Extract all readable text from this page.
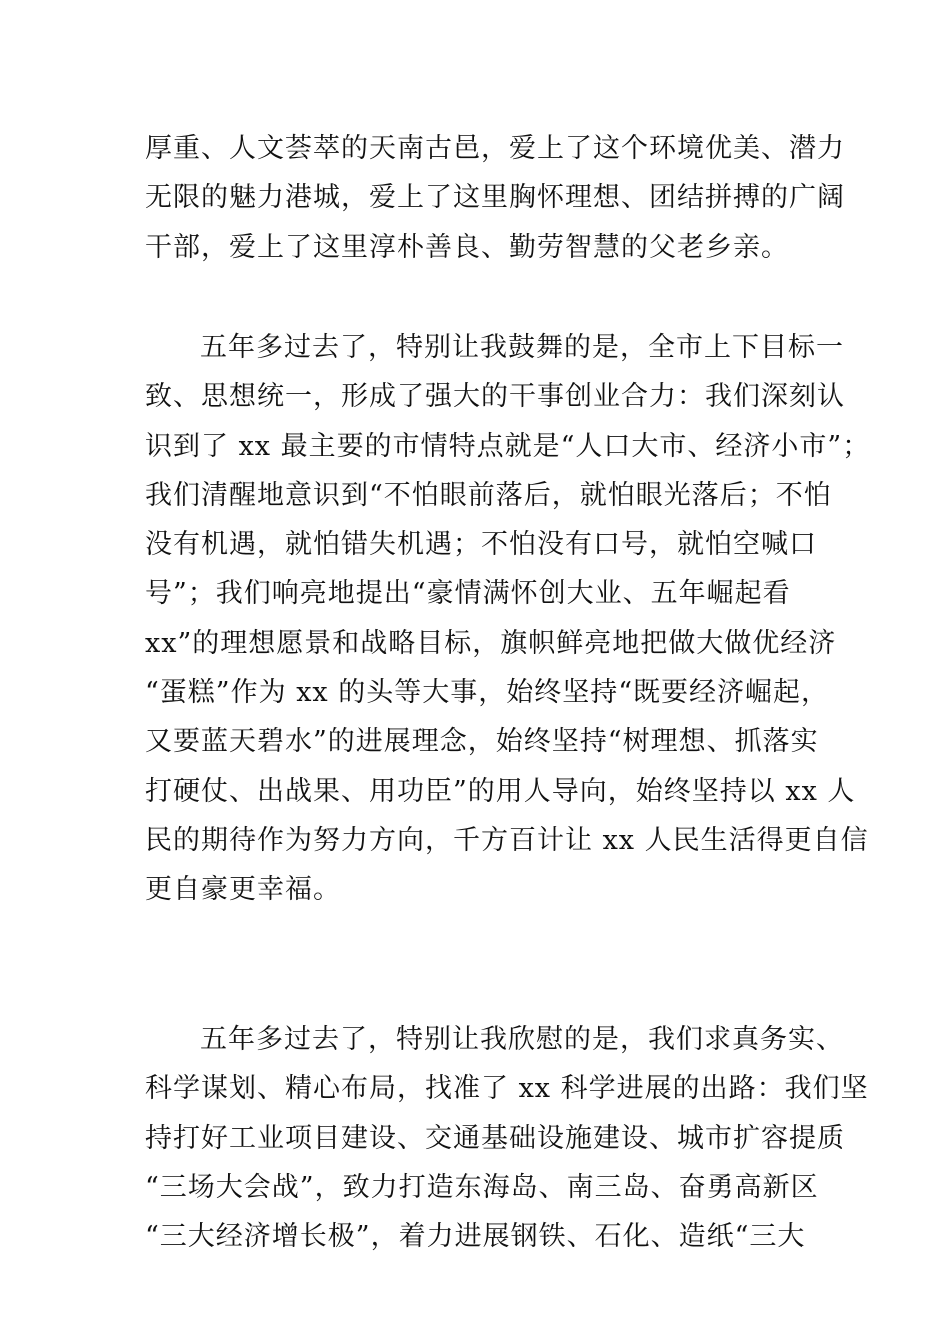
厚重、人文荟萃的天南古邑，爱上了这个环境优美、潜力
无限的魅力港城，爱上了这里胸怀理想、团结拼搏的广阔
干部，爱上了这里淳朴善良、勤劳智慧的父老乡亲。
五年多过去了，特别让我鼓舞的是，全市上下目标一
致、思想统一，形成了强大的干事创业合力：我们深刻认
识到了 xx 最主要的市情特点就是“人口大市、经济小市”；
我们清醒地意识到“不怕眼前落后，就怕眼光落后；不怕
没有机遇，就怕错失机遇；不怕没有口号，就怕空喊口
号”；我们响亮地提出“豪情满怀创大业、五年崛起看
xx”的理想愿景和战略目标，旗帜鲜亮地把做大做优经济
“蛋糕”作为 xx 的头等大事，始终坚持“既要经济崛起，
又要蓝天碧水”的进展理念，始终坚持“树理想、抓落实
打硬仗、出战果、用功臣”的用人导向，始终坚持以 xx 人
民的期待作为努力方向，千方百计让 xx 人民生活得更自信
更自豪更幸福。
五年多过去了，特别让我欣慰的是，我们求真务实、
科学谋划、精心布局，找准了 xx 科学进展的出路：我们坚
持打好工业项目建设、交通基础设施建设、城市扩容提质
“三场大会战”，致力打造东海岛、南三岛、奋勇高新区
“三大经济增长极”，着力进展钢铁、石化、造纸“三大
